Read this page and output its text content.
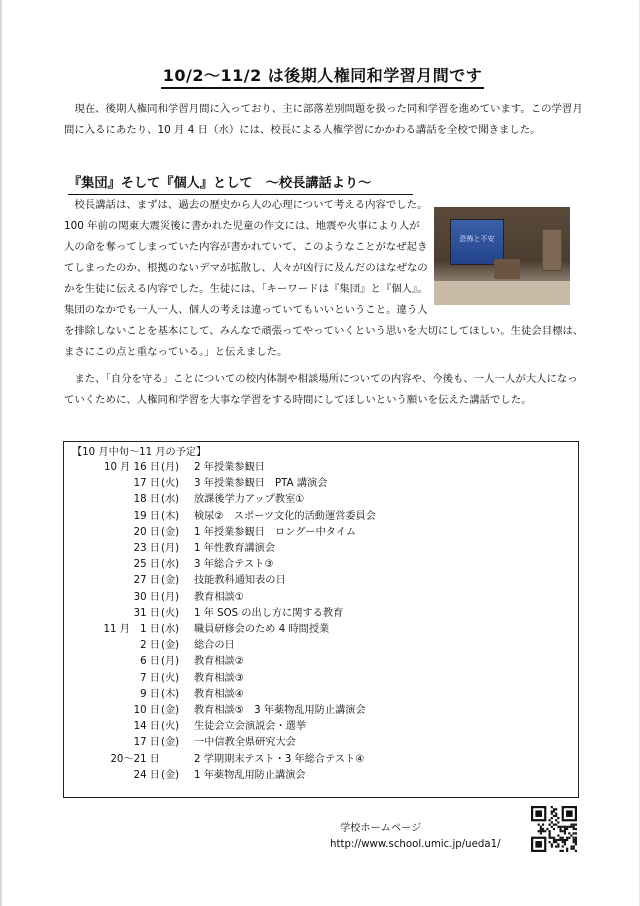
10/2～11/2 は後期人権同和学習月間です
現在、後期人権同和学習月間に入っており、主に部落差別問題を扱った同和学習を進めています。この学習月間に入るにあたり、10 月 4 日（水）には、校長による人権学習にかかわる講話を全校で聞きました。
『集団』そして『個人』として　～校長講話より～
校長講話は、まずは、過去の歴史から人の心理について考える内容でした。100 年前の関東大震災後に書かれた児童の作文には、地震や火事により人が人の命を奪ってしまっていた内容が書かれていて、このようなことがなぜ起きてしまったのか、根拠のないデマが拡散し、人々が凶行に及んだのはなぜなのかを生徒に伝える内容でした。生徒には、「キーワードは『集団』と『個人』。集団のなかでも一人一人、個人の考えは違っていてもいいということ。違う人
恐怖と不安
を排除しないことを基本にして、みんなで頑張ってやっていくという思いを大切にしてほしい。生徒会目標は、まさにこの点と重なっている。」と伝えました。
また、「自分を守る」ことについての校内体制や相談場所についての内容や、今後も、一人一人が大人になっていくために、人権同和学習を大事な学習をする時間にしてほしいという願いを伝えた講話でした。
【10 月中旬～11 月の予定】
10 月 16 日 (月)	2 年授業参観日
17 日 (火)	3 年授業参観日　PTA 講演会
18 日 (水)	放課後学力アップ教室①
19 日 (木)	検尿②　スポーツ文化的活動運営委員会
20 日 (金)	1 年授業参観日　ロングー中タイム
23 日 (月)	1 年性教育講演会
25 日 (水)	3 年総合テスト③
27 日 (金)	技能教科通知表の日
30 日 (月)	教育相談①
31 日 (火)	1 年 SOS の出し方に関する教育
11 月　1 日 (水)	職員研修会のため 4 時間授業
2 日 (金)	総合の日
6 日 (月)	教育相談②
7 日 (火)	教育相談③
9 日 (木)	教育相談④
10 日 (金)	教育相談⑤　3 年薬物乱用防止講演会
14 日 (火)	生徒会立会演説会・選挙
17 日 (金)	一中信教全県研究大会
20～21 日	2 学期期末テスト・3 年総合テスト④
24 日 (金)	1 年薬物乱用防止講演会
学校ホームページ
http://www.school.umic.jp/ueda1/
